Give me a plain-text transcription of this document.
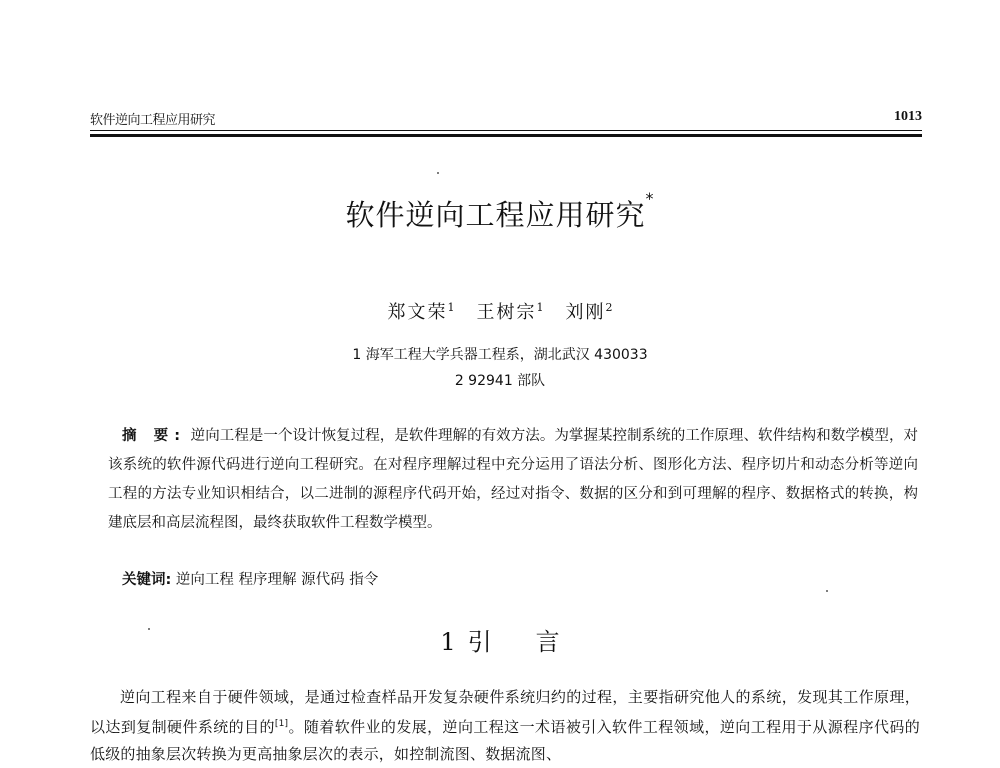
软件逆向工程应用研究	1013
软件逆向工程应用研究*
郑文荣$^1$ 王树宗$^1$ 刘刚$^2$
1 海军工程大学兵器工程系，湖北武汉 430033
2 92941 部队

摘 要: 逆向工程是一个设计恢复过程，是软件理解的有效方法。为掌握某控制系统的工作原理、软件结构和数学模型，对该系统的软件源代码进行逆向工程研究。在对程序理解过程中充分运用了语法分析、图形化方法、程序切片和动态分析等逆向工程的方法专业知识相结合，以二进制的源程序代码开始，经过对指令、数据的区分和到可理解的程序、数据格式的转换，构建底层和高层流程图，最终获取软件工程数学模型。

关键词: 逆向工程 程序理解 源代码 指令
1 引 言

逆向工程来自于硬件领域，是通过检查样品开发复杂硬件系统归约的过程，主要指研究他人的系统，发现其工作原理，以达到复制硬件系统的目的[1]。随着软件业的发展，逆向工程这一术语被引入软件工程领域，逆向工程用于从源程序代码的低级的抽象层次转换为更高抽象层次的表示，如控制流图、数据流图、
